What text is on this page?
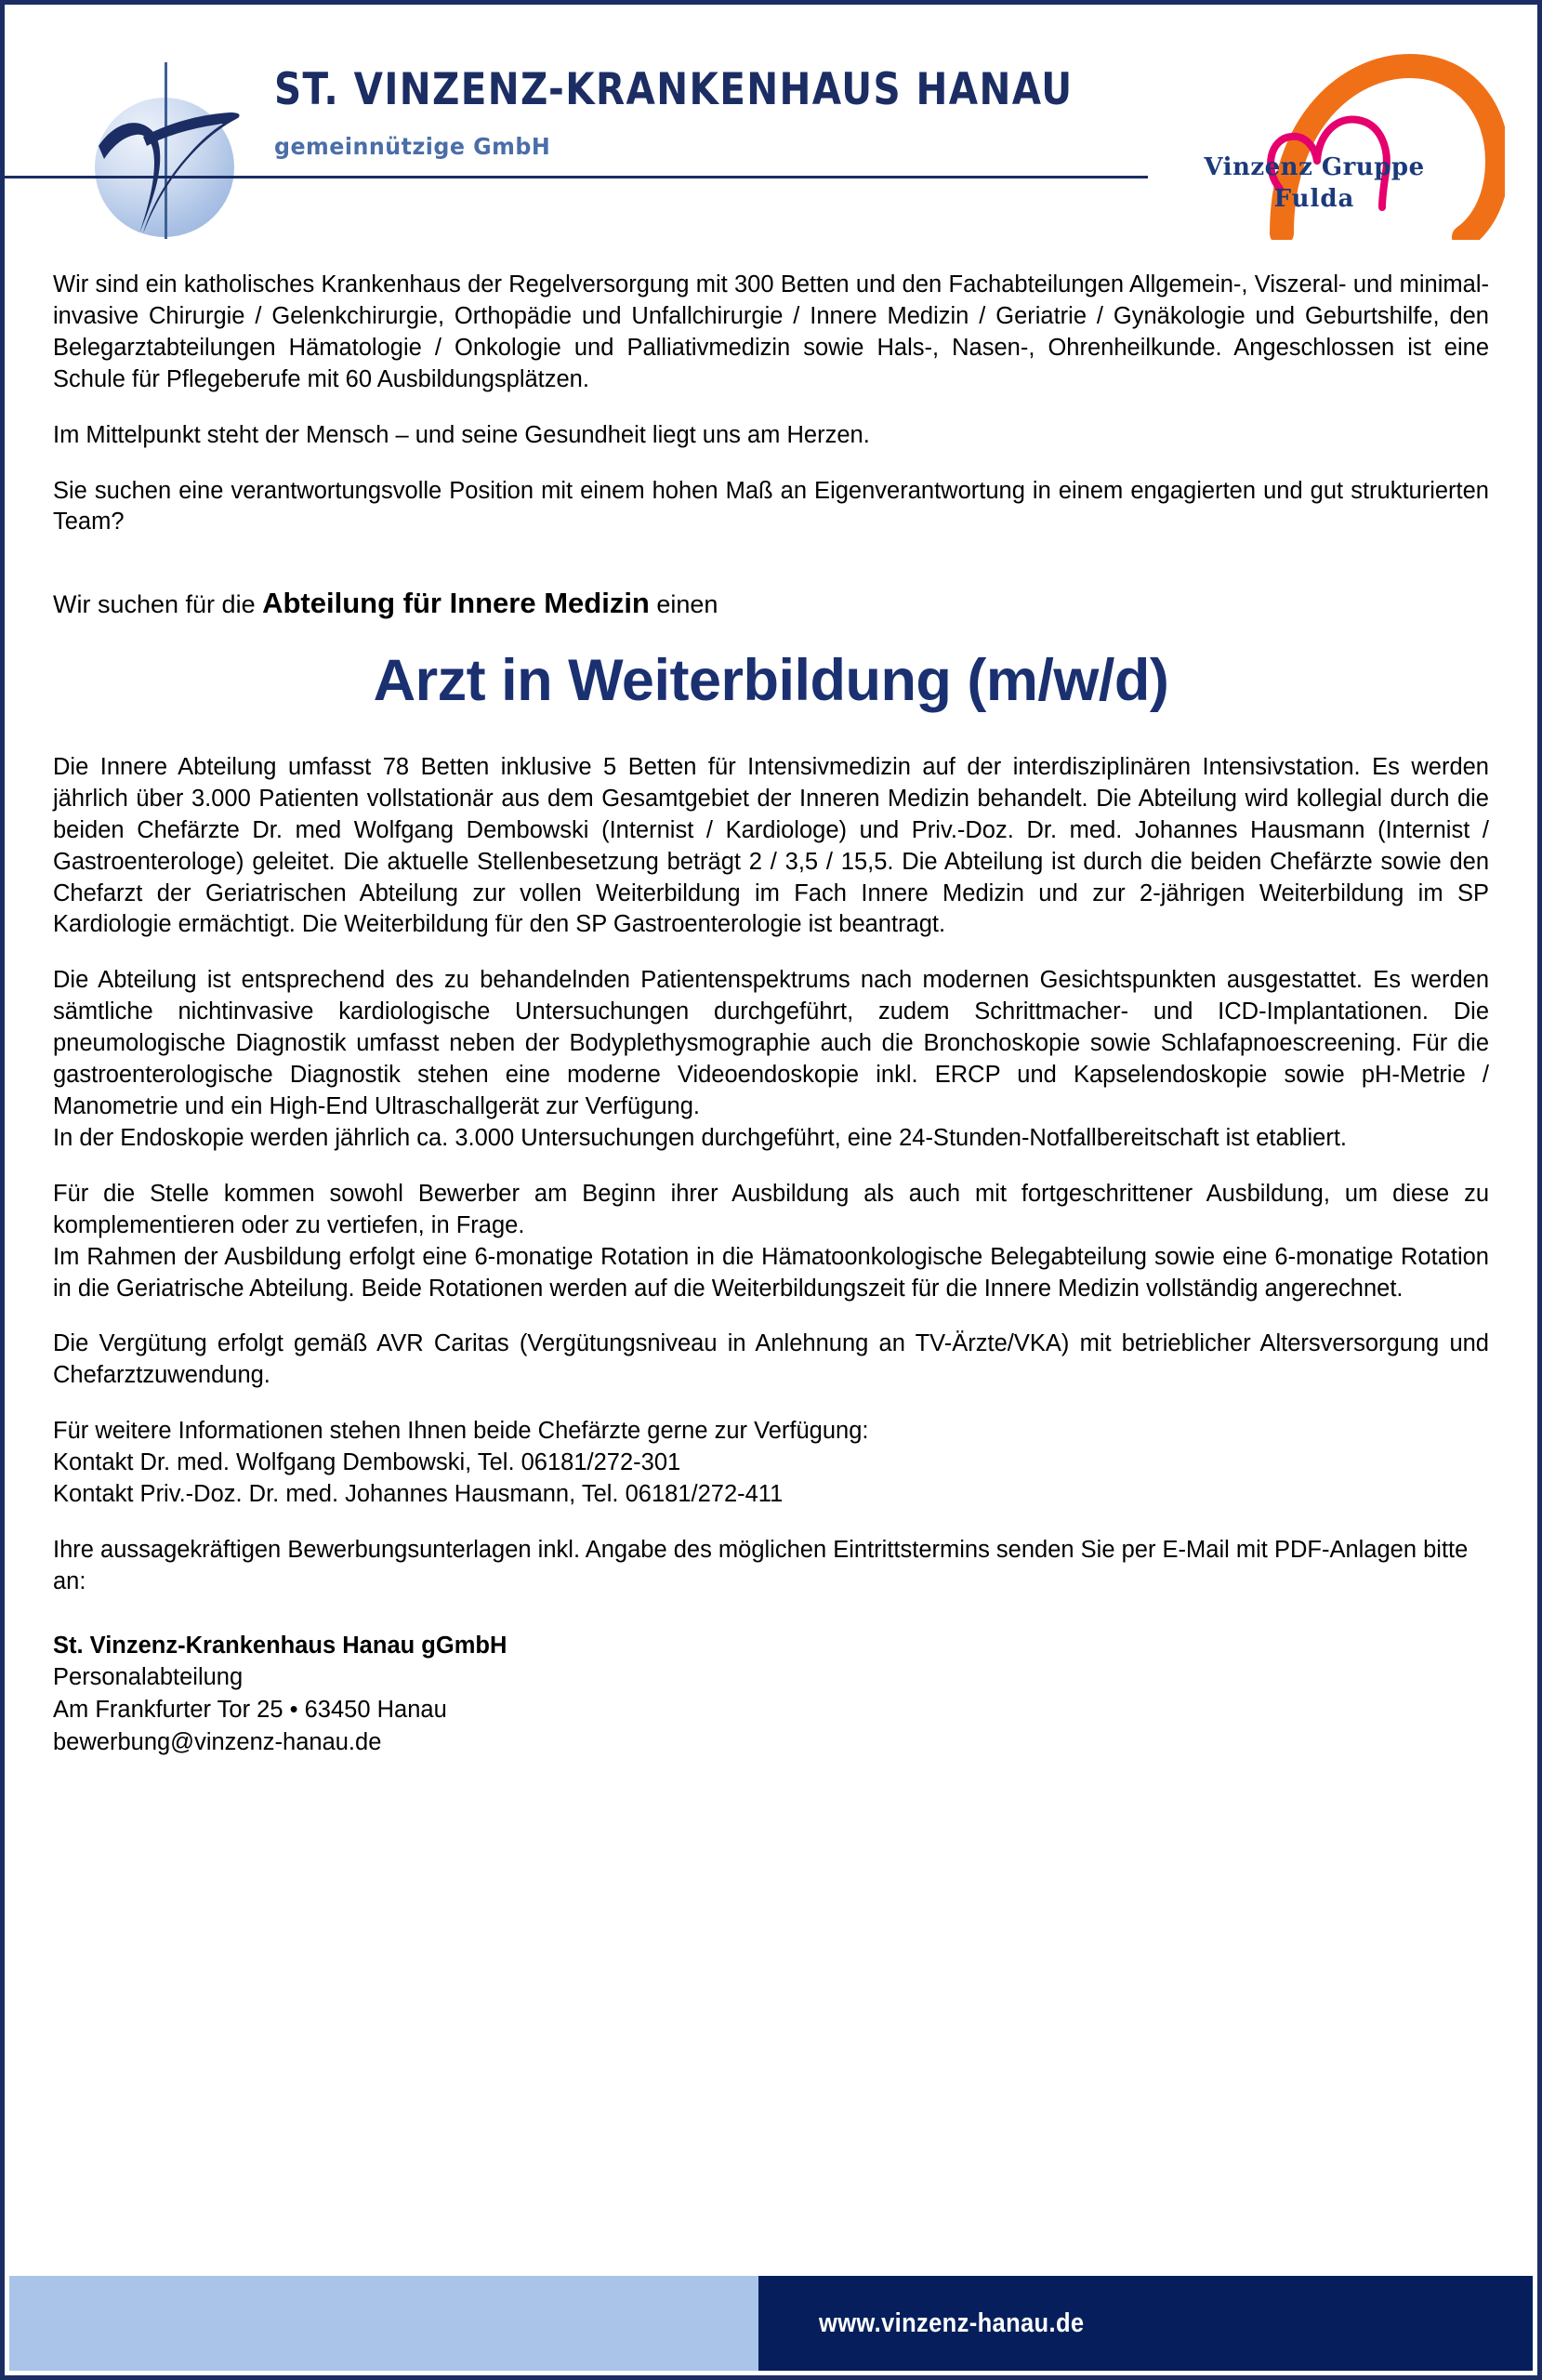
ST. VINZENZ-KRANKENHAUS HANAU
gemeinnützige GmbH
Vinzenz Gruppe
Fulda

Wir sind ein katholisches Krankenhaus der Regelversorgung mit 300 Betten und den Fachabteilungen Allgemein-, Viszeral- und minimal-invasive Chirurgie / Gelenkchirurgie, Orthopädie und Unfallchirurgie / Innere Medizin / Geriatrie / Gynäkologie und Geburtshilfe, den Belegarztabteilungen Hämatologie / Onkologie und Palliativmedizin sowie Hals-, Nasen-, Ohrenheilkunde. Angeschlossen ist eine Schule für Pflegeberufe mit 60 Ausbildungsplätzen.

Im Mittelpunkt steht der Mensch – und seine Gesundheit liegt uns am Herzen.

Sie suchen eine verantwortungsvolle Position mit einem hohen Maß an Eigenverantwortung in einem engagierten und gut strukturierten Team?

Wir suchen für die Abteilung für Innere Medizin einen

Arzt in Weiterbildung (m/w/d)

Die Innere Abteilung umfasst 78 Betten inklusive 5 Betten für Intensivmedizin auf der interdisziplinären Intensivstation. Es werden jährlich über 3.000 Patienten vollstationär aus dem Gesamtgebiet der Inneren Medizin behandelt. Die Abteilung wird kollegial durch die beiden Chefärzte Dr. med Wolfgang Dembowski (Internist / Kardiologe) und Priv.-Doz. Dr. med. Johannes Hausmann (Internist / Gastroenterologe) geleitet. Die aktuelle Stellenbesetzung beträgt 2 / 3,5 / 15,5. Die Abteilung ist durch die beiden Chefärzte sowie den Chefarzt der Geriatrischen Abteilung zur vollen Weiterbildung im Fach Innere Medizin und zur 2-jährigen Weiterbildung im SP Kardiologie ermächtigt. Die Weiterbildung für den SP Gastroenterologie ist beantragt.

Die Abteilung ist entsprechend des zu behandelnden Patientenspektrums nach modernen Gesichtspunkten ausgestattet. Es werden sämtliche nichtinvasive kardiologische Untersuchungen durchgeführt, zudem Schrittmacher- und ICD-Implantationen. Die pneumologische Diagnostik umfasst neben der Bodyplethysmographie auch die Bronchoskopie sowie Schlafapnoescreening. Für die gastroenterologische Diagnostik stehen eine moderne Videoendoskopie inkl. ERCP und Kapselendoskopie sowie pH-Metrie / Manometrie und ein High-End Ultraschallgerät zur Verfügung.

In der Endoskopie werden jährlich ca. 3.000 Untersuchungen durchgeführt, eine 24-Stunden-Notfallbereitschaft ist etabliert.

Für die Stelle kommen sowohl Bewerber am Beginn ihrer Ausbildung als auch mit fortgeschrittener Ausbildung, um diese zu komplementieren oder zu vertiefen, in Frage.

Im Rahmen der Ausbildung erfolgt eine 6-monatige Rotation in die Hämatoonkologische Belegabteilung sowie eine 6-monatige Rotation in die Geriatrische Abteilung. Beide Rotationen werden auf die Weiterbildungszeit für die Innere Medizin vollständig angerechnet.

Die Vergütung erfolgt gemäß AVR Caritas (Vergütungsniveau in Anlehnung an TV-Ärzte/VKA) mit betrieblicher Altersversorgung und Chefarztzuwendung.

Für weitere Informationen stehen Ihnen beide Chefärzte gerne zur Verfügung:

Kontakt Dr. med. Wolfgang Dembowski, Tel. 06181/272-301

Kontakt Priv.-Doz. Dr. med. Johannes Hausmann, Tel. 06181/272-411

Ihre aussagekräftigen Bewerbungsunterlagen inkl. Angabe des möglichen Eintrittstermins senden Sie per E-Mail mit PDF-Anlagen bitte an:

St. Vinzenz-Krankenhaus Hanau gGmbH
Personalabteilung
Am Frankfurter Tor 25 • 63450 Hanau
bewerbung@vinzenz-hanau.de
www.vinzenz-hanau.de
